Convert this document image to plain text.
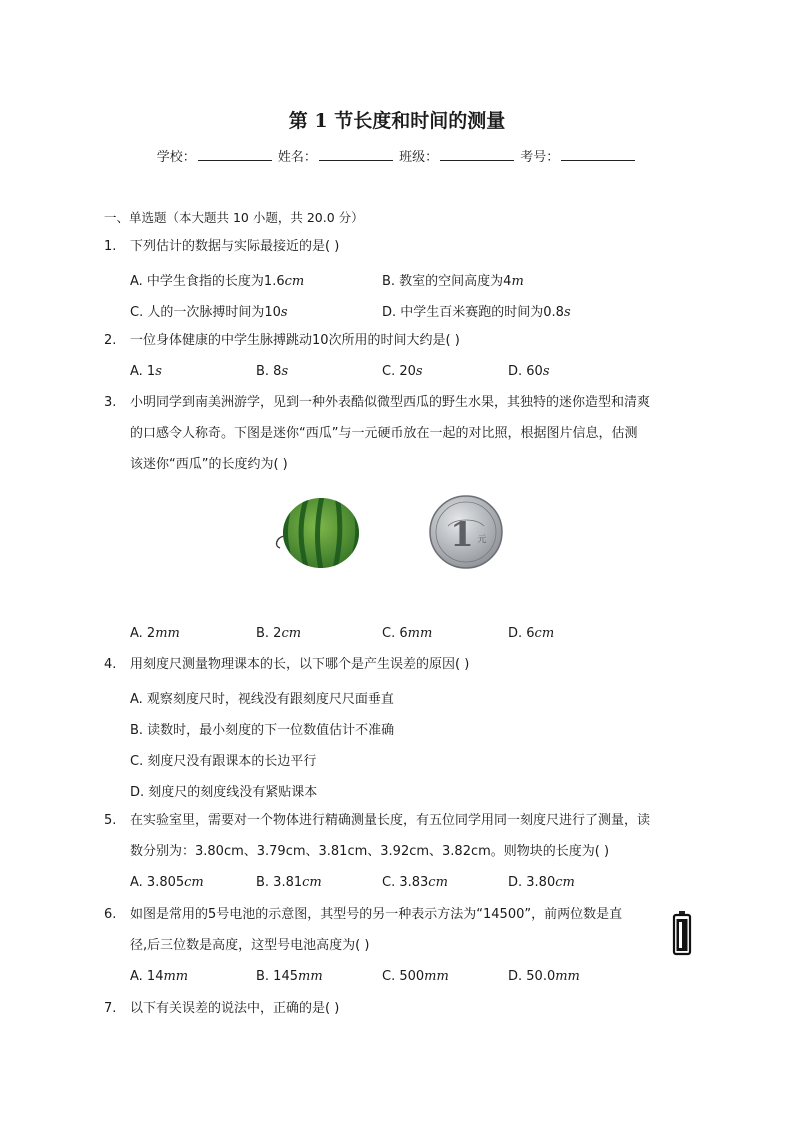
第 1 节长度和时间的测量
学校：	姓名：	班级：	考号：
一、单选题（本大题共 10 小题，共 20.0 分）
1.	下列估计的数据与实际最接近的是( )
A. 中学生食指的长度为1.6cm	B. 教室的空间高度为4m
C. 人的一次脉搏时间为10s	D. 中学生百米赛跑的时间为0.8s
2.	一位身体健康的中学生脉搏跳动10次所用的时间大约是( )
A. 1s	B. 8s	C. 20s	D. 60s
3.	小明同学到南美洲游学，见到一种外表酷似微型西瓜的野生水果，其独特的迷你造型和清爽
的口感令人称奇。下图是迷你“西瓜”与一元硬币放在一起的对比照，根据图片信息，估测
该迷你“西瓜”的长度约为( )
1 元
A. 2mm	B. 2cm	C. 6mm	D. 6cm
4.	用刻度尺测量物理课本的长，以下哪个是产生误差的原因( )
A. 观察刻度尺时，视线没有跟刻度尺尺面垂直
B. 读数时，最小刻度的下一位数值估计不准确
C. 刻度尺没有跟课本的长边平行
D. 刻度尺的刻度线没有紧贴课本
5.	在实验室里，需要对一个物体进行精确测量长度，有五位同学用同一刻度尺进行了测量，读
数分别为：3.80cm、3.79cm、3.81cm、3.92cm、3.82cm。则物块的长度为( )
A. 3.805cm	B. 3.81cm	C. 3.83cm	D. 3.80cm
6.	如图是常用的5号电池的示意图，其型号的另一种表示方法为“14500”，前两位数是直
径,后三位数是高度，这型号电池高度为( )
A. 14mm	B. 145mm	C. 500mm	D. 50.0mm
7.	以下有关误差的说法中，正确的是( )
